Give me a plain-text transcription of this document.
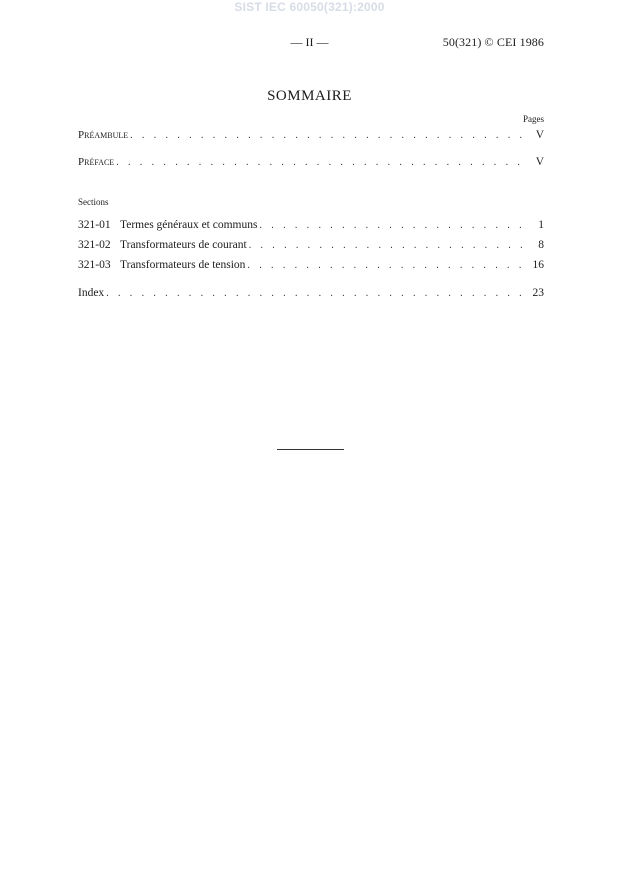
SIST IEC 60050(321):2000
— II —	50(321) © CEI 1986
SOMMAIRE
Pages
Préambule . . .	V
Préface . . .	V
Sections
321-01 Termes généraux et communs . . .	1
321-02 Transformateurs de courant . . .	8
321-03 Transformateurs de tension . . .	16
Index . . .	23
